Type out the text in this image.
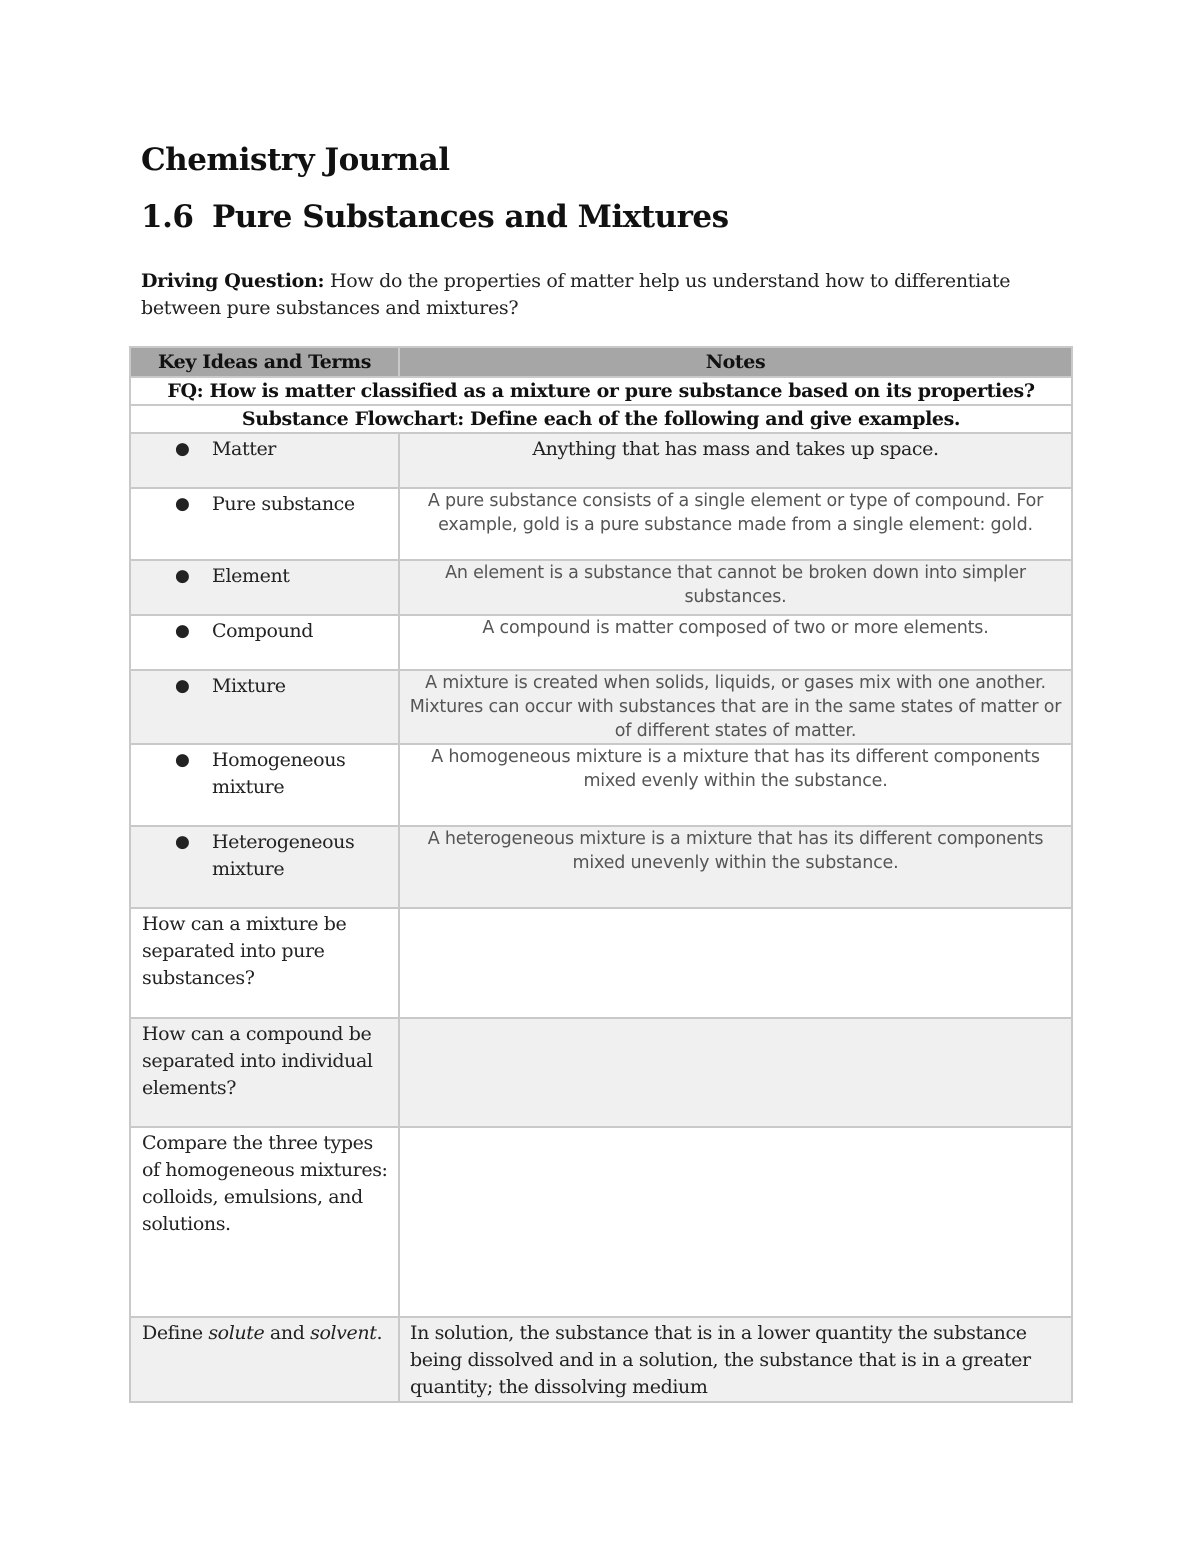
Chemistry Journal
1.6 Pure Substances and Mixtures

Driving Question: How do the properties of matter help us understand how to differentiate between pure substances and mixtures?

Key Ideas and Terms	Notes
FQ: How is matter classified as a mixture or pure substance based on its properties?	
Substance Flowchart: Define each of the following and give examples.	

● Matter	Anything that has mass and takes up space.

● Pure substance	A pure substance consists of a single element or type of compound. For example, gold is a pure substance made from a single element: gold.

● Element	An element is a substance that cannot be broken down into simpler substances.

● Compound	A compound is matter composed of two or more elements.

● Mixture	A mixture is created when solids, liquids, or gases mix with one another. Mixtures can occur with substances that are in the same states of matter or of different states of matter.

● Homogeneous mixture	A homogeneous mixture is a mixture that has its different components mixed evenly within the substance.

● Heterogeneous mixture	A heterogeneous mixture is a mixture that has its different components mixed unevenly within the substance.

How can a mixture be separated into pure substances?	

How can a compound be separated into individual elements?	

Compare the three types of homogeneous mixtures: colloids, emulsions, and solutions.	

Define solute and solvent.	In solution, the substance that is in a lower quantity the substance being dissolved and in a solution, the substance that is in a greater quantity; the dissolving medium
